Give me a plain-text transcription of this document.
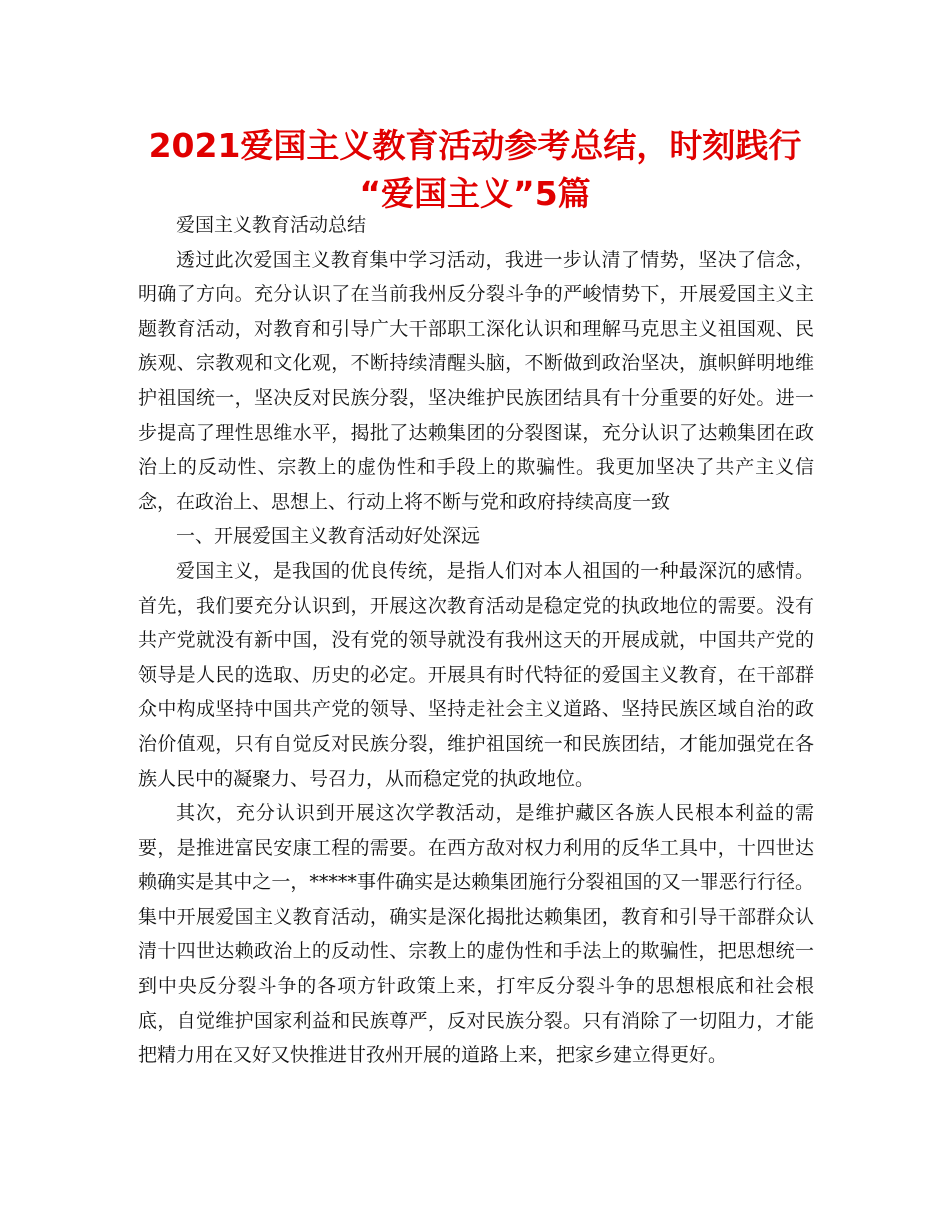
2021爱国主义教育活动参考总结，时刻践行
“爱国主义”5篇

爱国主义教育活动总结

透过此次爱国主义教育集中学习活动，我进一步认清了情势，坚决了信念，明确了方向。充分认识了在当前我州反分裂斗争的严峻情势下，开展爱国主义主题教育活动，对教育和引导广大干部职工深化认识和理解马克思主义祖国观、民族观、宗教观和文化观，不断持续清醒头脑，不断做到政治坚决，旗帜鲜明地维护祖国统一，坚决反对民族分裂，坚决维护民族团结具有十分重要的好处。进一步提高了理性思维水平，揭批了达赖集团的分裂图谋，充分认识了达赖集团在政治上的反动性、宗教上的虚伪性和手段上的欺骗性。我更加坚决了共产主义信念，在政治上、思想上、行动上将不断与党和政府持续高度一致

一、开展爱国主义教育活动好处深远

爱国主义，是我国的优良传统，是指人们对本人祖国的一种最深沉的感情。首先，我们要充分认识到，开展这次教育活动是稳定党的执政地位的需要。没有共产党就没有新中国，没有党的领导就没有我州这天的开展成就，中国共产党的领导是人民的选取、历史的必定。开展具有时代特征的爱国主义教育，在干部群众中构成坚持中国共产党的领导、坚持走社会主义道路、坚持民族区域自治的政治价值观，只有自觉反对民族分裂，维护祖国统一和民族团结，才能加强党在各族人民中的凝聚力、号召力，从而稳定党的执政地位。

其次，充分认识到开展这次学教活动，是维护藏区各族人民根本利益的需要，是推进富民安康工程的需要。在西方敌对权力利用的反华工具中，十四世达赖确实是其中之一，*****事件确实是达赖集团施行分裂祖国的又一罪恶行行径。集中开展爱国主义教育活动，确实是深化揭批达赖集团，教育和引导干部群众认清十四世达赖政治上的反动性、宗教上的虚伪性和手法上的欺骗性，把思想统一到中央反分裂斗争的各项方针政策上来，打牢反分裂斗争的思想根底和社会根底，自觉维护国家利益和民族尊严，反对民族分裂。只有消除了一切阻力，才能把精力用在又好又快推进甘孜州开展的道路上来，把家乡建立得更好。
